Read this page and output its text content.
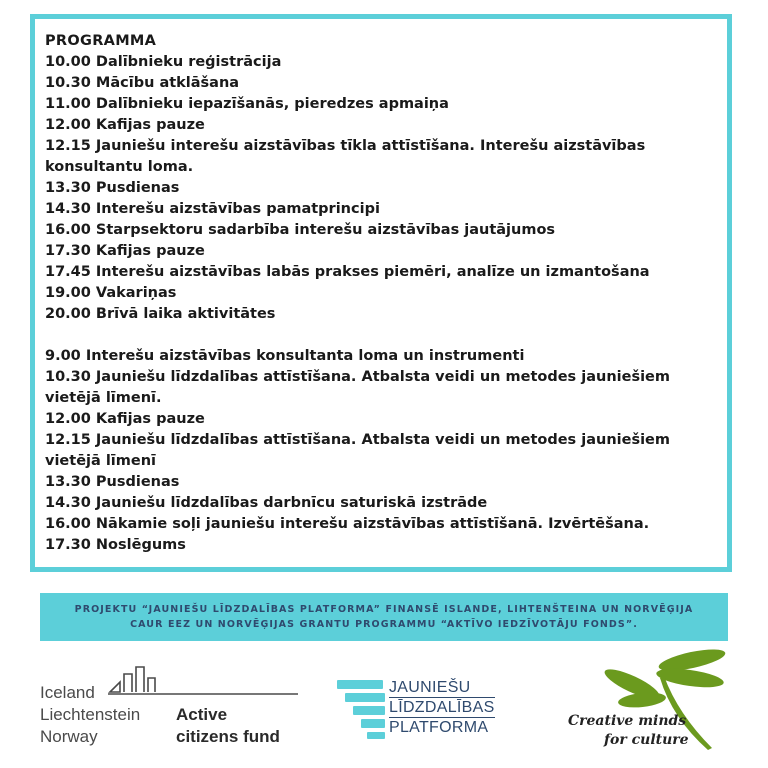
PROGRAMMA
10.00 Dalībnieku reģistrācija
10.30 Mācību atklāšana
11.00 Dalībnieku iepazīšanās, pieredzes apmaiņa
12.00 Kafijas pauze
12.15 Jauniešu interešu aizstāvības tīkla attīstīšana. Interešu aizstāvības konsultantu loma.
13.30 Pusdienas
14.30 Interešu aizstāvības pamatprincipi
16.00 Starpsektoru sadarbība interešu aizstāvības jautājumos
17.30 Kafijas pauze
17.45 Interešu aizstāvības labās prakses piemēri, analīze un izmantošana
19.00 Vakariņas
20.00 Brīvā laika aktivitātes
9.00 Interešu aizstāvības konsultanta loma un instrumenti
10.30 Jauniešu līdzdalības attīstīšana. Atbalsta veidi un metodes jauniešiem vietējā līmenī.
12.00 Kafijas pauze
12.15 Jauniešu līdzdalības attīstīšana. Atbalsta veidi un metodes jauniešiem vietējā līmenī
13.30 Pusdienas
14.30 Jauniešu līdzdalības darbnīcu saturiskā izstrāde
16.00 Nākamie soļi jauniešu interešu aizstāvības attīstīšanā. Izvērtēšana.
17.30 Noslēgums
PROJEKTU “JAUNIEŠU LĪDZDALĪBAS PLATFORMA” FINANSĒ ISLANDE, LIHTENŠTEINA UN NORVĒĢIJA CAUR EEZ UN NORVĒĢIJAS GRANTU PROGRAMMU “AKTĪVO IEDZĪVOTĀJU FONDS”.
Iceland
Liechtenstein
Norway
Active
citizens fund
JAUNIEŠU
LĪDZDALĪBAS
PLATFORMA	Creative minds
for culture
